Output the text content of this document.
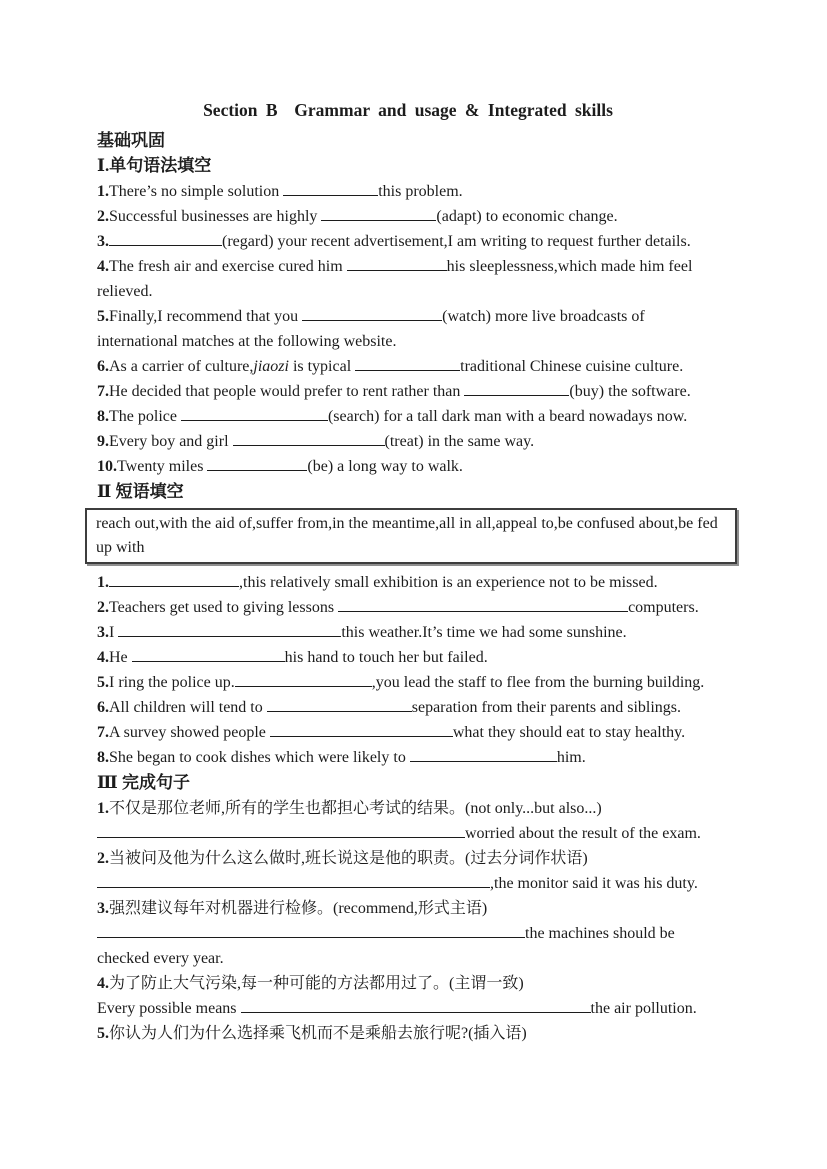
Section B  Grammar and usage & Integrated skills
基础巩固
Ⅰ.单句语法填空

1.There’s no simple solution	this problem.

2.Successful businesses are highly	(adapt) to economic change.

3.	(regard) your recent advertisement,I am writing to request further details.

4.The fresh air and exercise cured him	his sleeplessness,which made him feel relieved.

5.Finally,I recommend that you	(watch) more live broadcasts of international matches at the following website.

6.As a carrier of culture,jiaozi is typical	traditional Chinese cuisine culture.

7.He decided that people would prefer to rent rather than	(buy) the software.

8.The police	(search) for a tall dark man with a beard nowadays now.

9.Every boy and girl	(treat) in the same way.

10.Twenty miles	(be) a long way to walk.

Ⅱ 短语填空
reach out,with the aid of,suffer from,in the meantime,all in all,appeal to,be confused about,be fed up with

1.	,this relatively small exhibition is an experience not to be missed.

2.Teachers get used to giving lessons	computers.

3.I	this weather.It’s time we had some sunshine.

4.He	his hand to touch her but failed.

5.I ring the police up.	,you lead the staff to flee from the burning building.

6.All children will tend to	separation from their parents and siblings.

7.A survey showed people	what they should eat to stay healthy.

8.She began to cook dishes which were likely to	him.

Ⅲ 完成句子

1.不仅是那位老师,所有的学生也都担心考试的结果。(not only...but also...)

worried about the result of the exam.

2.当被问及他为什么这么做时,班长说这是他的职责。(过去分词作状语)

,the monitor said it was his duty.

3.强烈建议每年对机器进行检修。(recommend,形式主语)

the machines should be checked every year.

4.为了防止大气污染,每一种可能的方法都用过了。(主谓一致)

Every possible means	the air pollution.

5.你认为人们为什么选择乘飞机而不是乘船去旅行呢?(插入语)
